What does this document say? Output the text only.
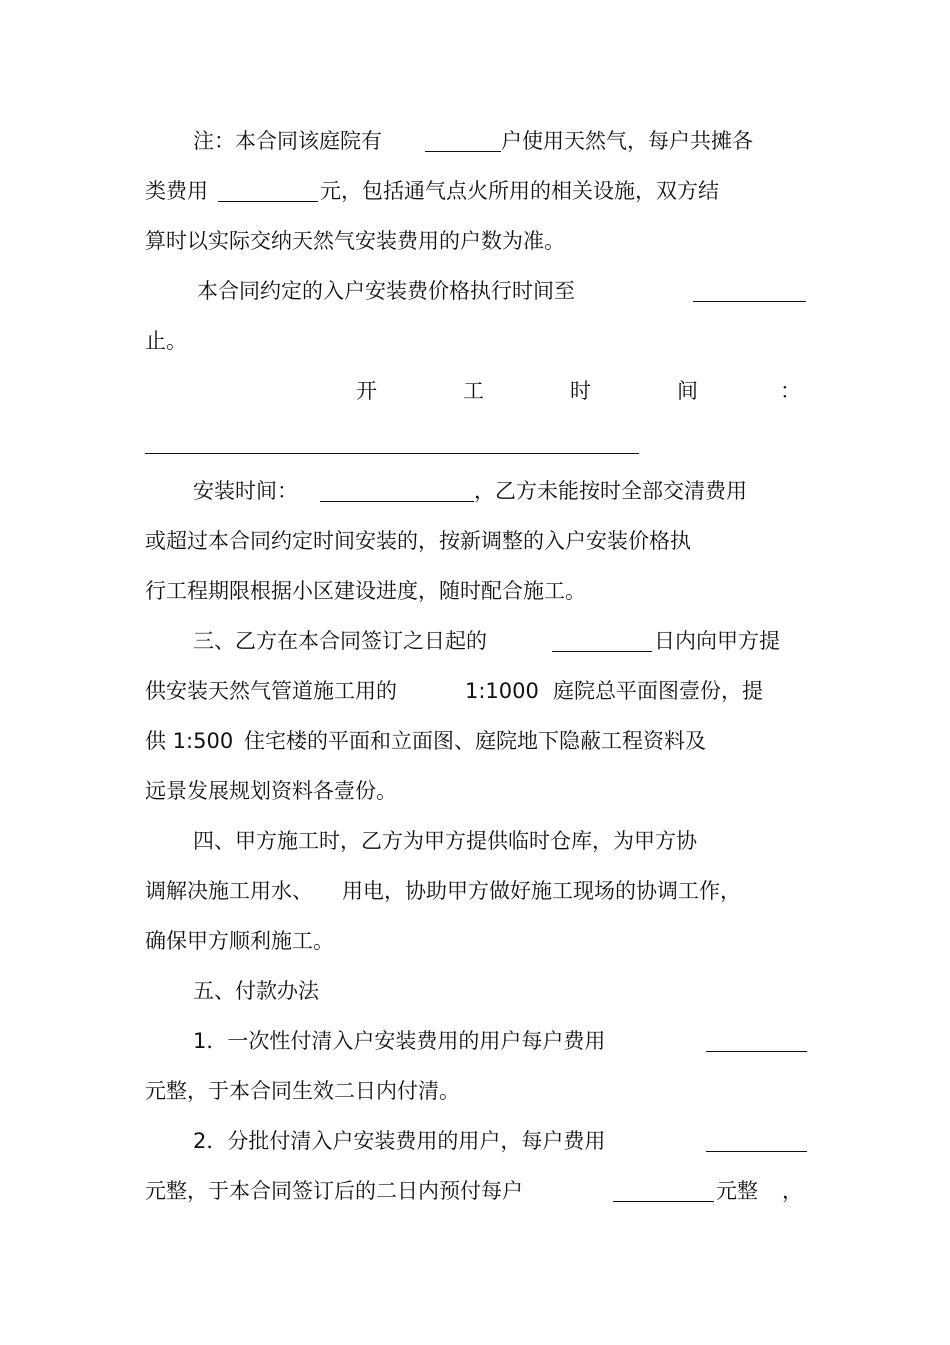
注：本合同该庭院有	户使用天然气，每户共摊各
类费用	元，包括通气点火所用的相关设施，双方结
算时以实际交纳天然气安装费用的户数为准。
本合同约定的入户安装费价格执行时间至
止。
开	工	时	间	：
安装时间：	，乙方未能按时全部交清费用
或超过本合同约定时间安装的，按新调整的入户安装价格执
行工程期限根据小区建设进度，随时配合施工。
三、乙方在本合同签订之日起的	日内向甲方提
供安装天然气管道施工用的	1:1000 庭院总平面图壹份，提
供 1:500 住宅楼的平面和立面图、庭院地下隐蔽工程资料及
远景发展规划资料各壹份。
四、甲方施工时，乙方为甲方提供临时仓库，为甲方协
调解决施工用水、 用电，协助甲方做好施工现场的协调工作，
确保甲方顺利施工。
五、付款办法
1．一次性付清入户安装费用的用户每户费用
元整，于本合同生效二日内付清。
2．分批付清入户安装费用的用户，每户费用
元整，于本合同签订后的二日内预付每户	元整 ，
